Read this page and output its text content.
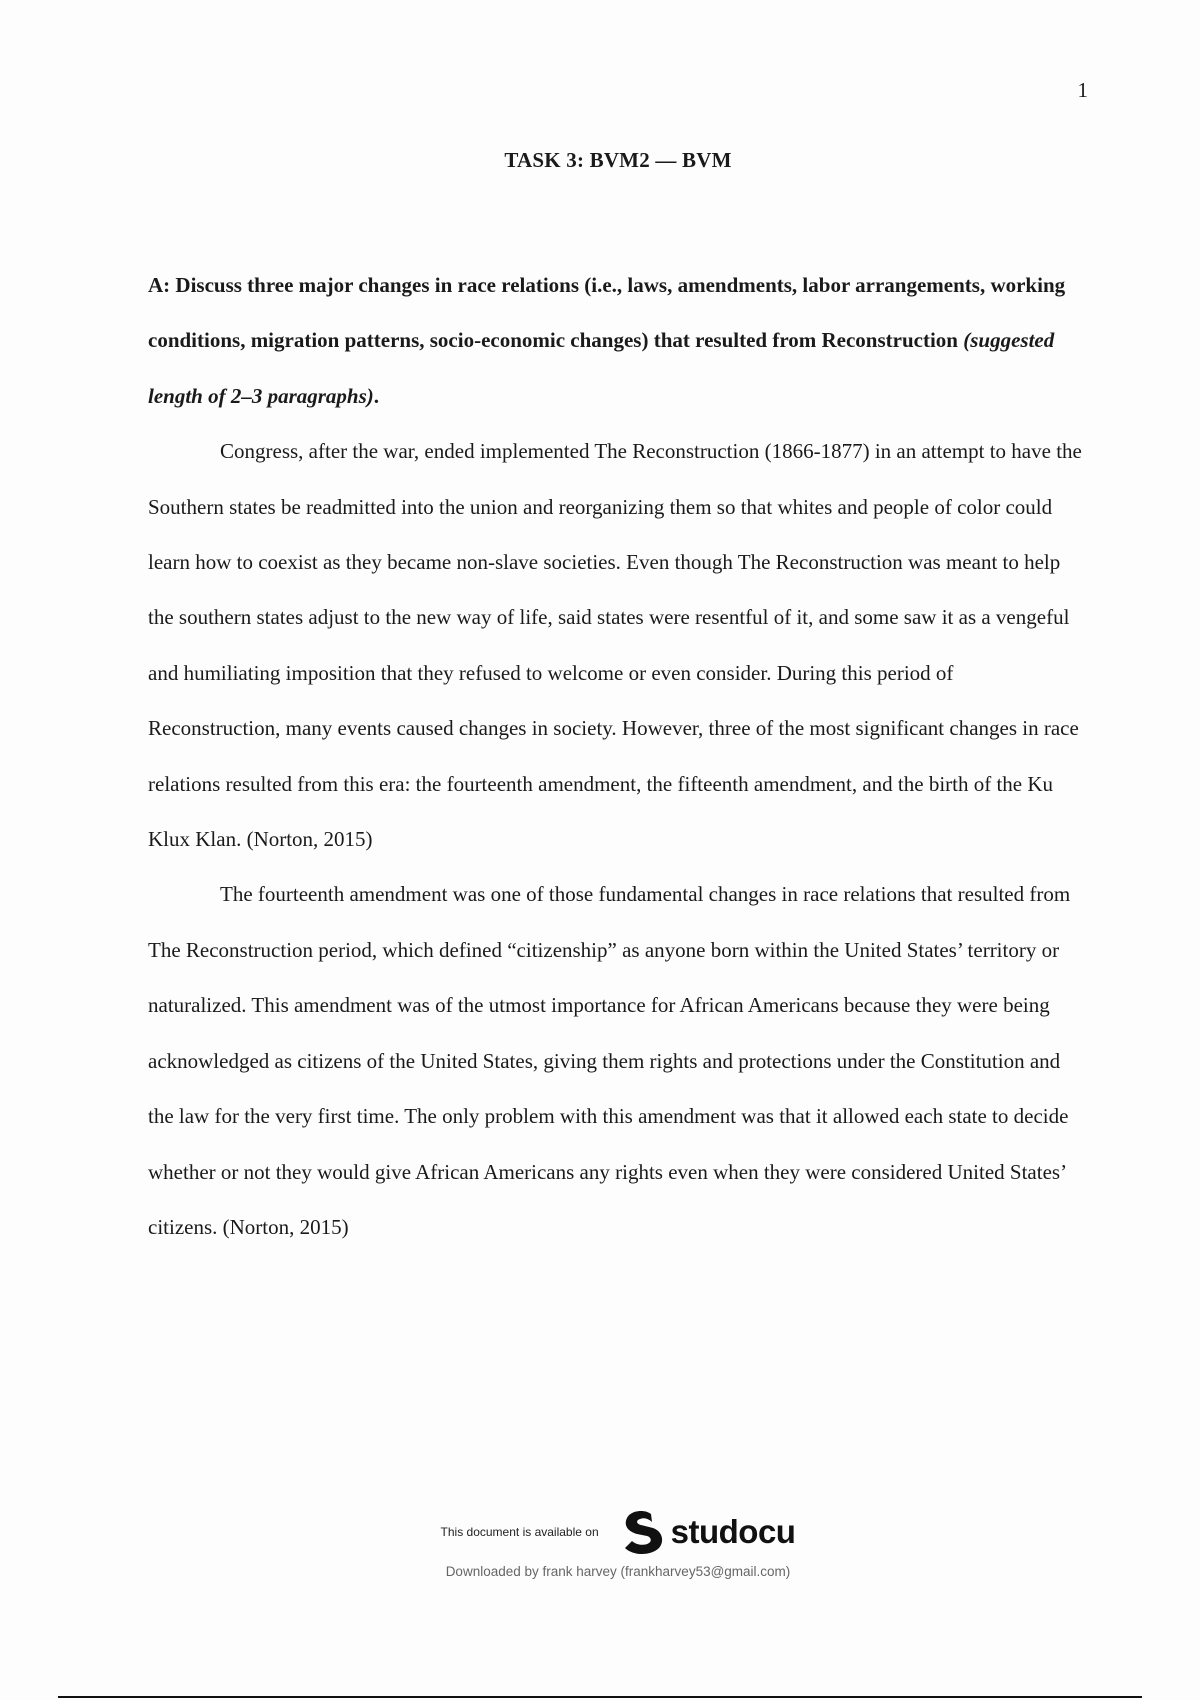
1
TASK 3: BVM2 — BVM

A: Discuss three major changes in race relations (i.e., laws, amendments, labor arrangements, working conditions, migration patterns, socio-economic changes) that resulted from Reconstruction (suggested length of 2–3 paragraphs).

Congress, after the war, ended implemented The Reconstruction (1866-1877) in an attempt to have the Southern states be readmitted into the union and reorganizing them so that whites and people of color could learn how to coexist as they became non-slave societies. Even though The Reconstruction was meant to help the southern states adjust to the new way of life, said states were resentful of it, and some saw it as a vengeful and humiliating imposition that they refused to welcome or even consider. During this period of Reconstruction, many events caused changes in society. However, three of the most significant changes in race relations resulted from this era: the fourteenth amendment, the fifteenth amendment, and the birth of the Ku Klux Klan. (Norton, 2015)

The fourteenth amendment was one of those fundamental changes in race relations that resulted from The Reconstruction period, which defined “citizenship” as anyone born within the United States’ territory or naturalized. This amendment was of the utmost importance for African Americans because they were being acknowledged as citizens of the United States, giving them rights and protections under the Constitution and the law for the very first time. The only problem with this amendment was that it allowed each state to decide whether or not they would give African Americans any rights even when they were considered United States’ citizens. (Norton, 2015)

This document is available on studocu
Downloaded by frank harvey (frankharvey53@gmail.com)
